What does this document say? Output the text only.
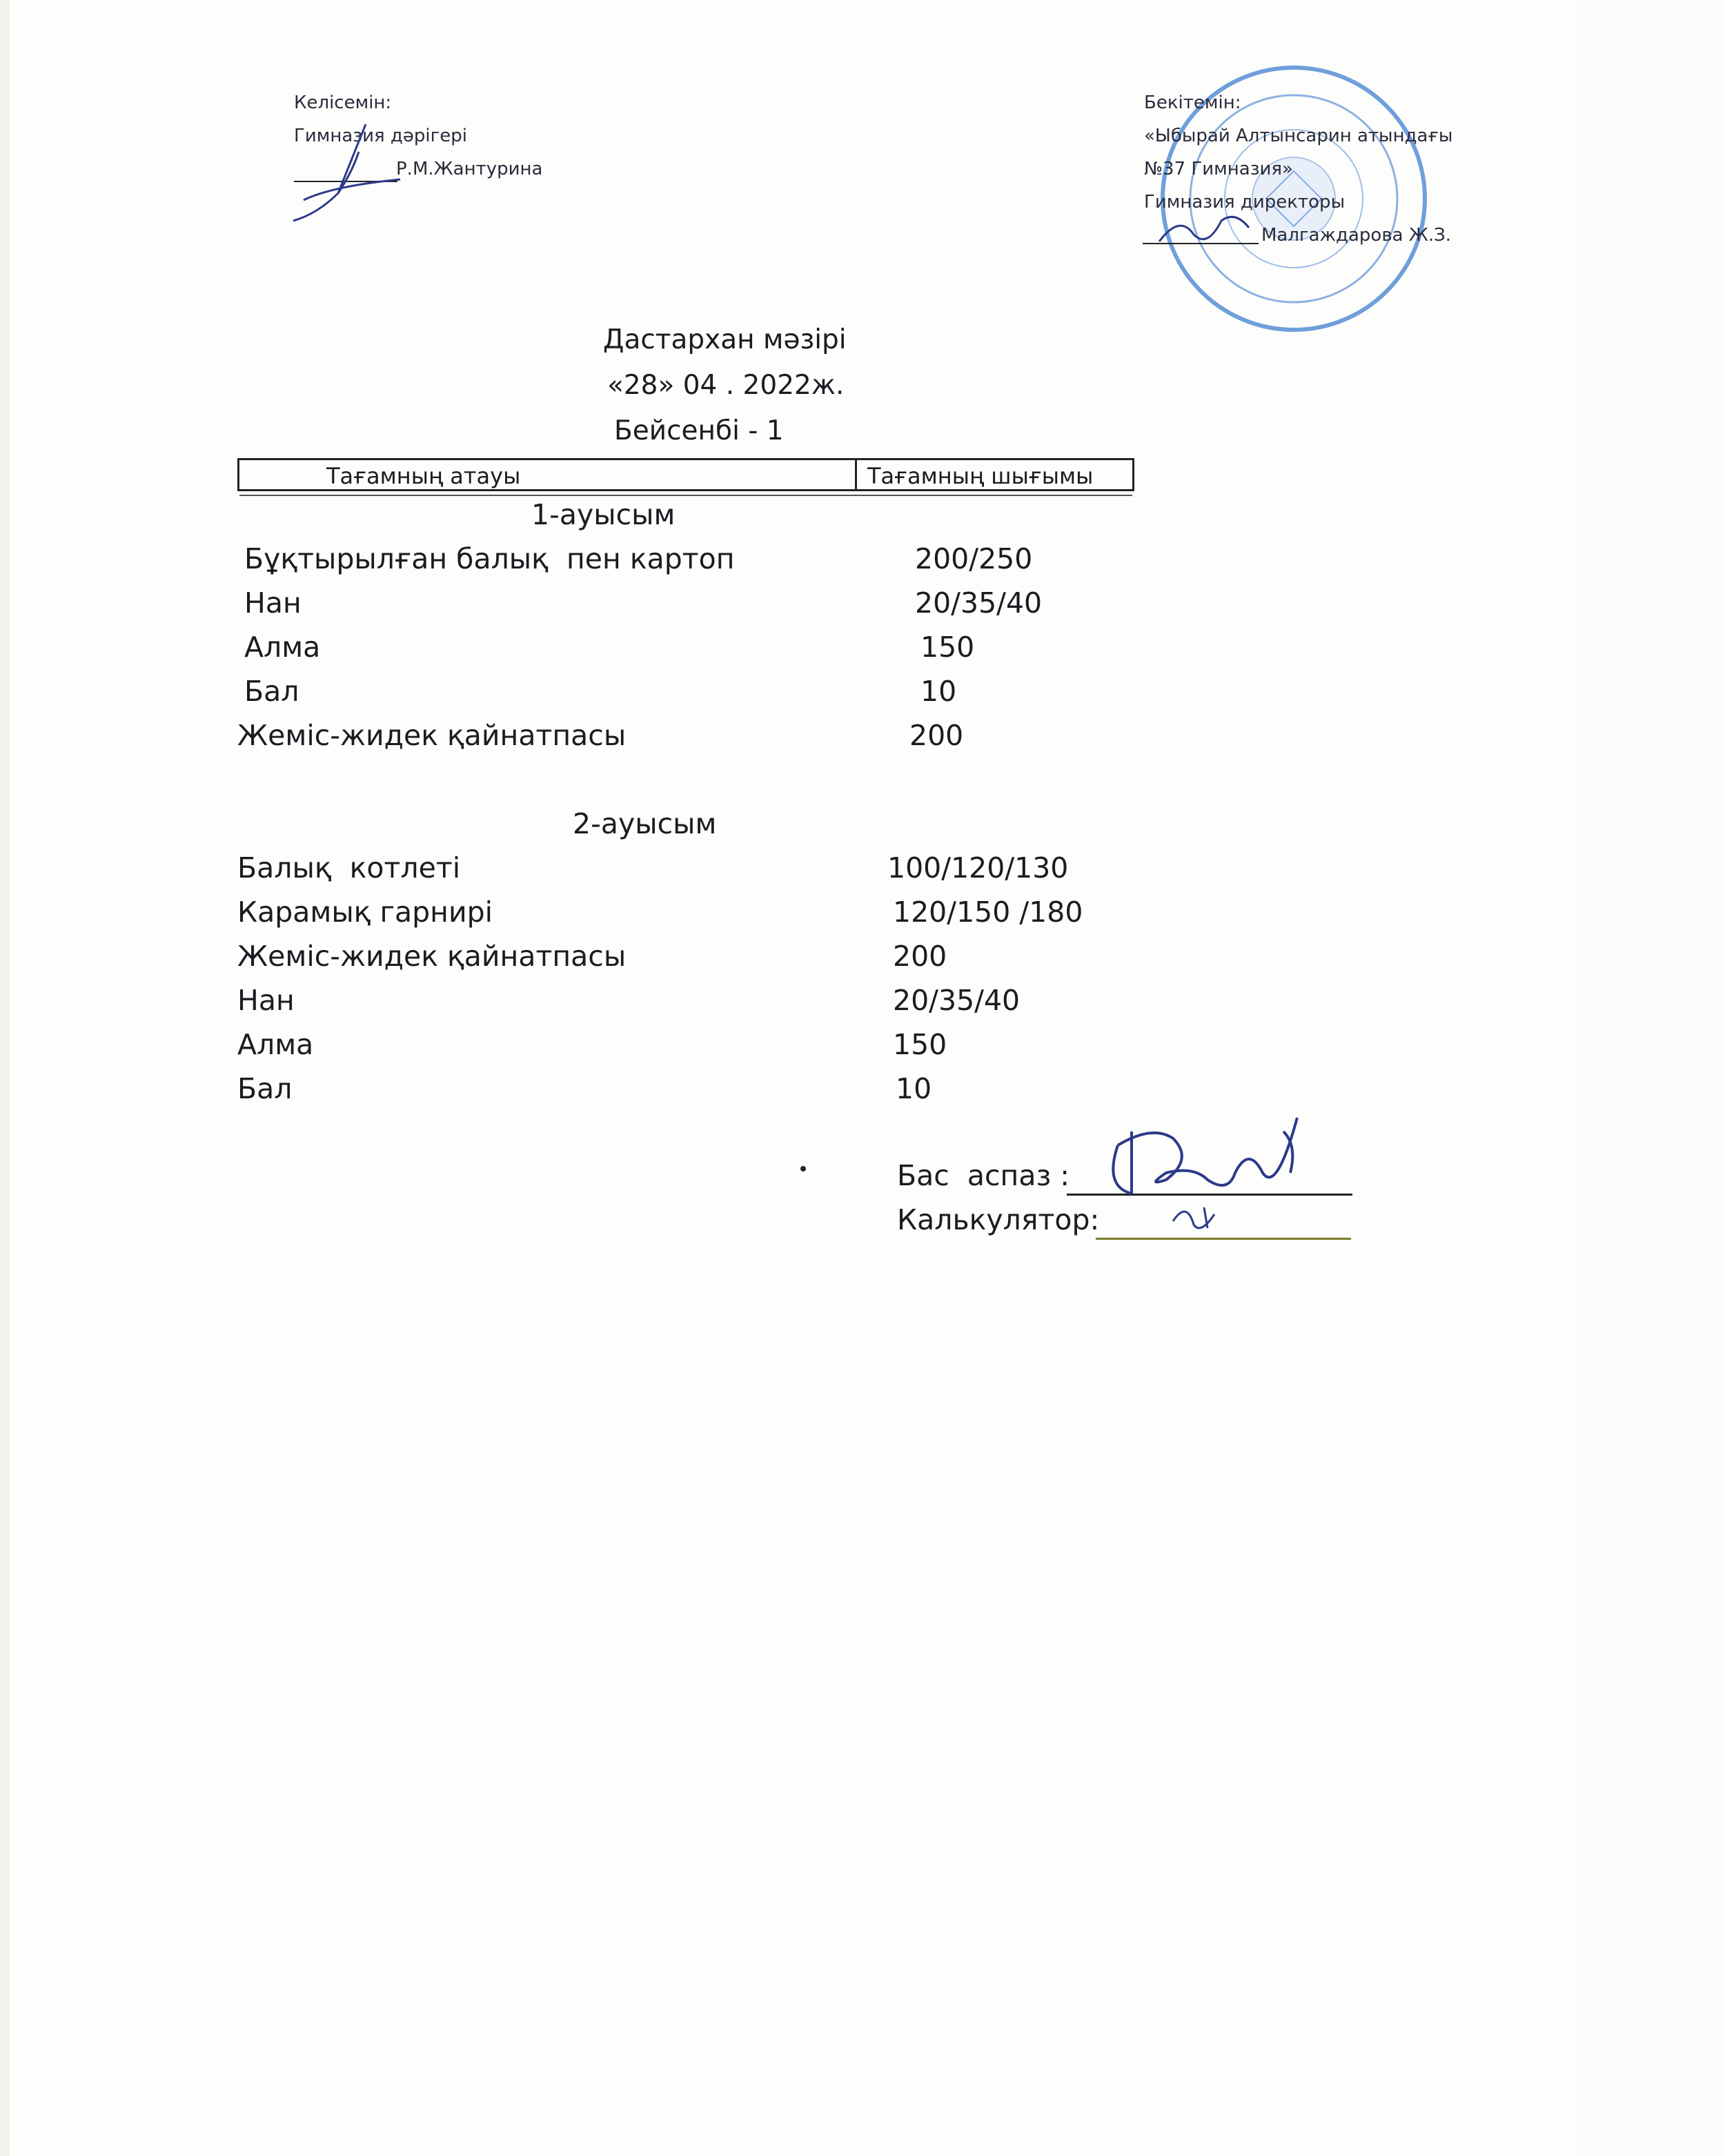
Келісемін:
Гимназия дәрігері
Р.М.Жантурина
Бекітемін:
«Ыбырай Алтынсарин атындағы
№37 Гимназия»
Гимназия директоры
Малгаждарова Ж.З.
Дастархан мәзірі
«28» 04 . 2022ж.
Бейсенбі - 1
Тағамның атауы	Тағамның шығымы
1-ауысым
Бұқтырылған балық  пен картоп	200/250
Нан	20/35/40
Алма	150
Бал	10
Жеміс-жидек қайнатпасы	200
2-ауысым
Балық  котлеті	100/120/130
Карамық гарнирі	120/150 /180
Жеміс-жидек қайнатпасы	200
Нан	20/35/40
Алма	150
Бал	10
Бас  аспаз :
Калькулятор:
